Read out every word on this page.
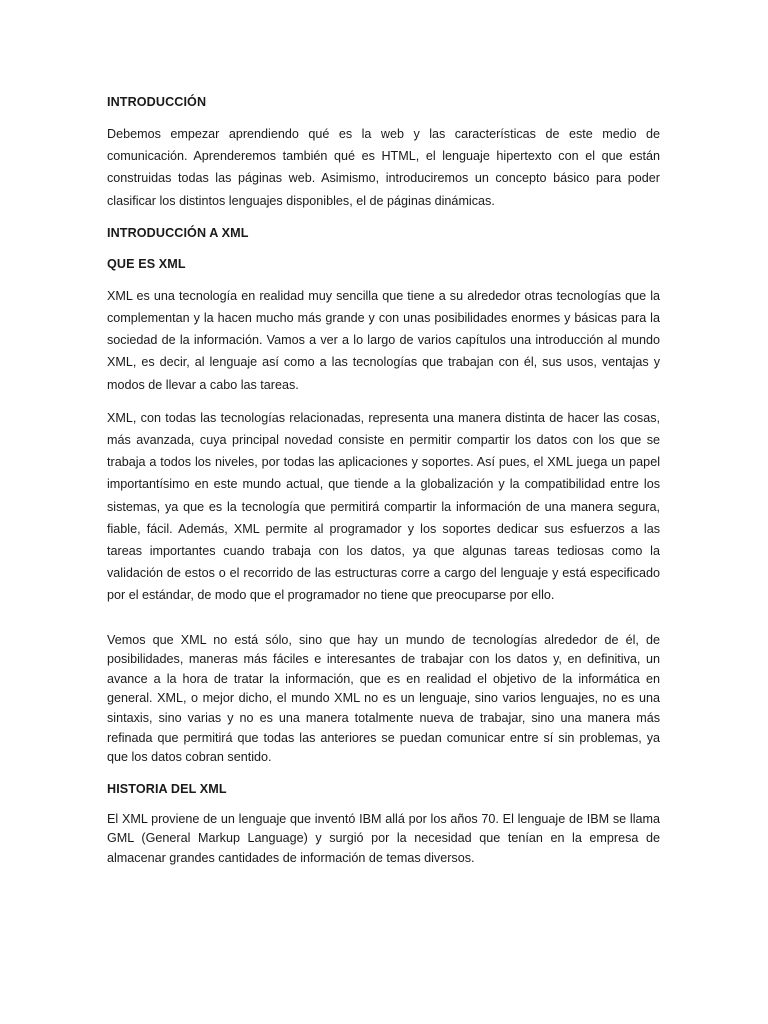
INTRODUCCIÓN

Debemos empezar aprendiendo qué es la web y las características de este medio de comunicación. Aprenderemos también qué es HTML, el lenguaje hipertexto con el que están construidas todas las páginas web. Asimismo, introduciremos un concepto básico para poder clasificar los distintos lenguajes disponibles, el de páginas dinámicas.

INTRODUCCIÓN A XML
QUE ES XML

XML es una tecnología en realidad muy sencilla que tiene a su alrededor otras tecnologías que la complementan y la hacen mucho más grande y con unas posibilidades enormes y básicas para la sociedad de la información. Vamos a ver a lo largo de varios capítulos una introducción al mundo XML, es decir, al lenguaje así como a las tecnologías que trabajan con él, sus usos, ventajas y modos de llevar a cabo las tareas.

XML, con todas las tecnologías relacionadas, representa una manera distinta de hacer las cosas, más avanzada, cuya principal novedad consiste en permitir compartir los datos con los que se trabaja a todos los niveles, por todas las aplicaciones y soportes. Así pues, el XML juega un papel importantísimo en este mundo actual, que tiende a la globalización y la compatibilidad entre los sistemas, ya que es la tecnología que permitirá compartir la información de una manera segura, fiable, fácil. Además, XML permite al programador y los soportes dedicar sus esfuerzos a las tareas importantes cuando trabaja con los datos, ya que algunas tareas tediosas como la validación de estos o el recorrido de las estructuras corre a cargo del lenguaje y está especificado por el estándar, de modo que el programador no tiene que preocuparse por ello.

Vemos que XML no está sólo, sino que hay un mundo de tecnologías alrededor de él, de posibilidades, maneras más fáciles e interesantes de trabajar con los datos y, en definitiva, un avance a la hora de tratar la información, que es en realidad el objetivo de la informática en general. XML, o mejor dicho, el mundo XML no es un lenguaje, sino varios lenguajes, no es una sintaxis, sino varias y no es una manera totalmente nueva de trabajar, sino una manera más refinada que permitirá que todas las anteriores se puedan comunicar entre sí sin problemas, ya que los datos cobran sentido.

HISTORIA DEL XML

El XML proviene de un lenguaje que inventó IBM allá por los años 70. El lenguaje de IBM se llama GML (General Markup Language) y surgió por la necesidad que tenían en la empresa de almacenar grandes cantidades de información de temas diversos.
